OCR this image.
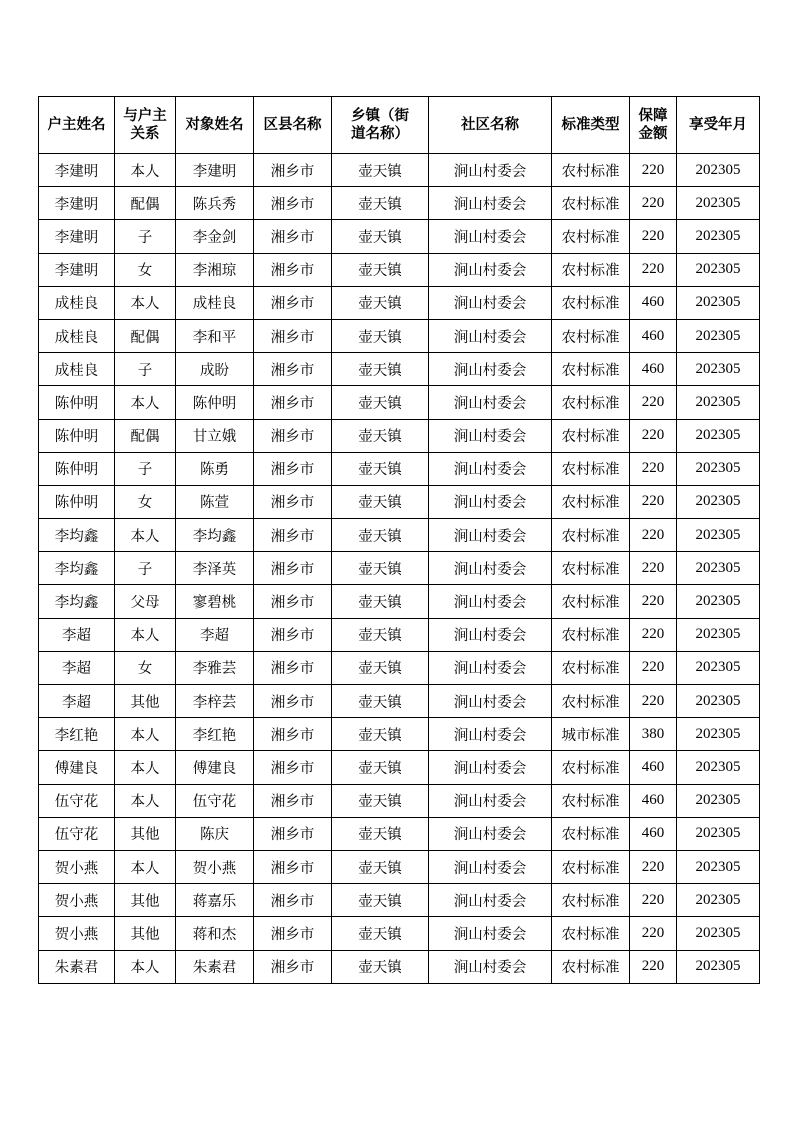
户主姓名	与户主关系	对象姓名	区县名称	乡镇（街道名称）	社区名称	标准类型	保障金额	享受年月
李建明	本人	李建明	湘乡市	壶天镇	涧山村委会	农村标准	220	202305
李建明	配偶	陈兵秀	湘乡市	壶天镇	涧山村委会	农村标准	220	202305
李建明	子	李金剑	湘乡市	壶天镇	涧山村委会	农村标准	220	202305
李建明	女	李湘琼	湘乡市	壶天镇	涧山村委会	农村标准	220	202305
成桂良	本人	成桂良	湘乡市	壶天镇	涧山村委会	农村标准	460	202305
成桂良	配偶	李和平	湘乡市	壶天镇	涧山村委会	农村标准	460	202305
成桂良	子	成盼	湘乡市	壶天镇	涧山村委会	农村标准	460	202305
陈仲明	本人	陈仲明	湘乡市	壶天镇	涧山村委会	农村标准	220	202305
陈仲明	配偶	甘立娥	湘乡市	壶天镇	涧山村委会	农村标准	220	202305
陈仲明	子	陈勇	湘乡市	壶天镇	涧山村委会	农村标准	220	202305
陈仲明	女	陈萱	湘乡市	壶天镇	涧山村委会	农村标准	220	202305
李均鑫	本人	李均鑫	湘乡市	壶天镇	涧山村委会	农村标准	220	202305
李均鑫	子	李泽英	湘乡市	壶天镇	涧山村委会	农村标准	220	202305
李均鑫	父母	寥碧桃	湘乡市	壶天镇	涧山村委会	农村标准	220	202305
李超	本人	李超	湘乡市	壶天镇	涧山村委会	农村标准	220	202305
李超	女	李雅芸	湘乡市	壶天镇	涧山村委会	农村标准	220	202305
李超	其他	李梓芸	湘乡市	壶天镇	涧山村委会	农村标准	220	202305
李红艳	本人	李红艳	湘乡市	壶天镇	涧山村委会	城市标准	380	202305
傅建良	本人	傅建良	湘乡市	壶天镇	涧山村委会	农村标准	460	202305
伍守花	本人	伍守花	湘乡市	壶天镇	涧山村委会	农村标准	460	202305
伍守花	其他	陈庆	湘乡市	壶天镇	涧山村委会	农村标准	460	202305
贺小燕	本人	贺小燕	湘乡市	壶天镇	涧山村委会	农村标准	220	202305
贺小燕	其他	蒋嘉乐	湘乡市	壶天镇	涧山村委会	农村标准	220	202305
贺小燕	其他	蒋和杰	湘乡市	壶天镇	涧山村委会	农村标准	220	202305
朱素君	本人	朱素君	湘乡市	壶天镇	涧山村委会	农村标准	220	202305
